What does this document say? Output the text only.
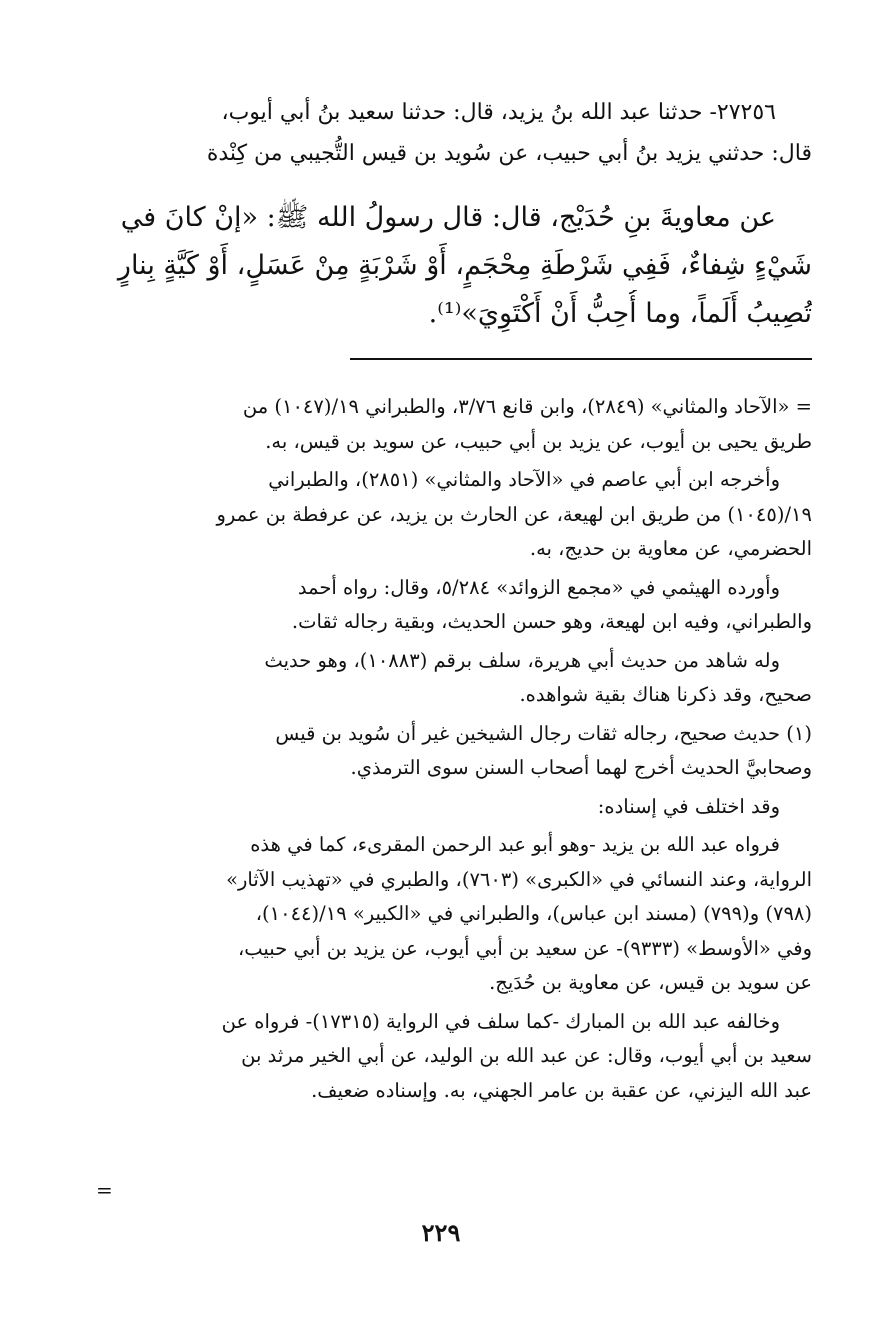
٢٧٢٥٦- حدثنا عبد الله بنُ يزيد، قال: حدثنا سعيد بنُ أبي أيوب،
قال: حدثني يزيد بنُ أبي حبيب، عن سُويد بن قيس التُّجيبي من كِنْدة
عن معاويةَ بنِ حُدَيْج، قال: قال رسولُ الله ﷺ: «إنْ كانَ في
شَيْءٍ شِفاءٌ، فَفِي شَرْطَةِ مِحْجَمٍ، أَوْ شَرْبَةٍ مِنْ عَسَلٍ، أَوْ كَيَّةٍ بِنارٍ
تُصِيبُ أَلَماً، وما أُحِبُّ أَنْ أَكْتَوِيَ»⁽¹⁾.
= «الآحاد والمثاني» (٢٨٤٩)، وابن قانع ٣/٧٦، والطبراني ١٩/(١٠٤٧) من
طريق يحيى بن أيوب، عن يزيد بن أبي حبيب، عن سويد بن قيس، به.
وأخرجه ابن أبي عاصم في «الآحاد والمثاني» (٢٨٥١)، والطبراني
١٩/(١٠٤٥) من طريق ابن لهيعة، عن الحارث بن يزيد، عن عرفطة بن عمرو
الحضرمي، عن معاوية بن حديج، به.
وأورده الهيثمي في «مجمع الزوائد» ٥/٢٨٤، وقال: رواه أحمد
والطبراني، وفيه ابن لهيعة، وهو حسن الحديث، وبقية رجاله ثقات.
وله شاهد من حديث أبي هريرة، سلف برقم (١٠٨٨٣)، وهو حديث
صحيح، وقد ذكرنا هناك بقية شواهده.
(١) حديث صحيح، رجاله ثقات رجال الشيخين غير أن سُويد بن قيس
وصحابيَّ الحديث أخرج لهما أصحاب السنن سوى الترمذي.
وقد اختلف في إسناده:
فرواه عبد الله بن يزيد -وهو أبو عبد الرحمن المقرىء، كما في هذه
الرواية، وعند النسائي في «الكبرى» (٧٦٠٣)، والطبري في «تهذيب الآثار»
(٧٩٨) و(٧٩٩) (مسند ابن عباس)، والطبراني في «الكبير» ١٩/(١٠٤٤)،
وفي «الأوسط» (٩٣٣٣)- عن سعيد بن أبي أيوب، عن يزيد بن أبي حبيب،
عن سويد بن قيس، عن معاوية بن حُدَيج.
وخالفه عبد الله بن المبارك -كما سلف في الرواية (١٧٣١٥)- فرواه عن
سعيد بن أبي أيوب، وقال: عن عبد الله بن الوليد، عن أبي الخير مرثد بن
عبد الله اليزني، عن عقبة بن عامر الجهني، به. وإسناده ضعيف.
=
٢٢٩
